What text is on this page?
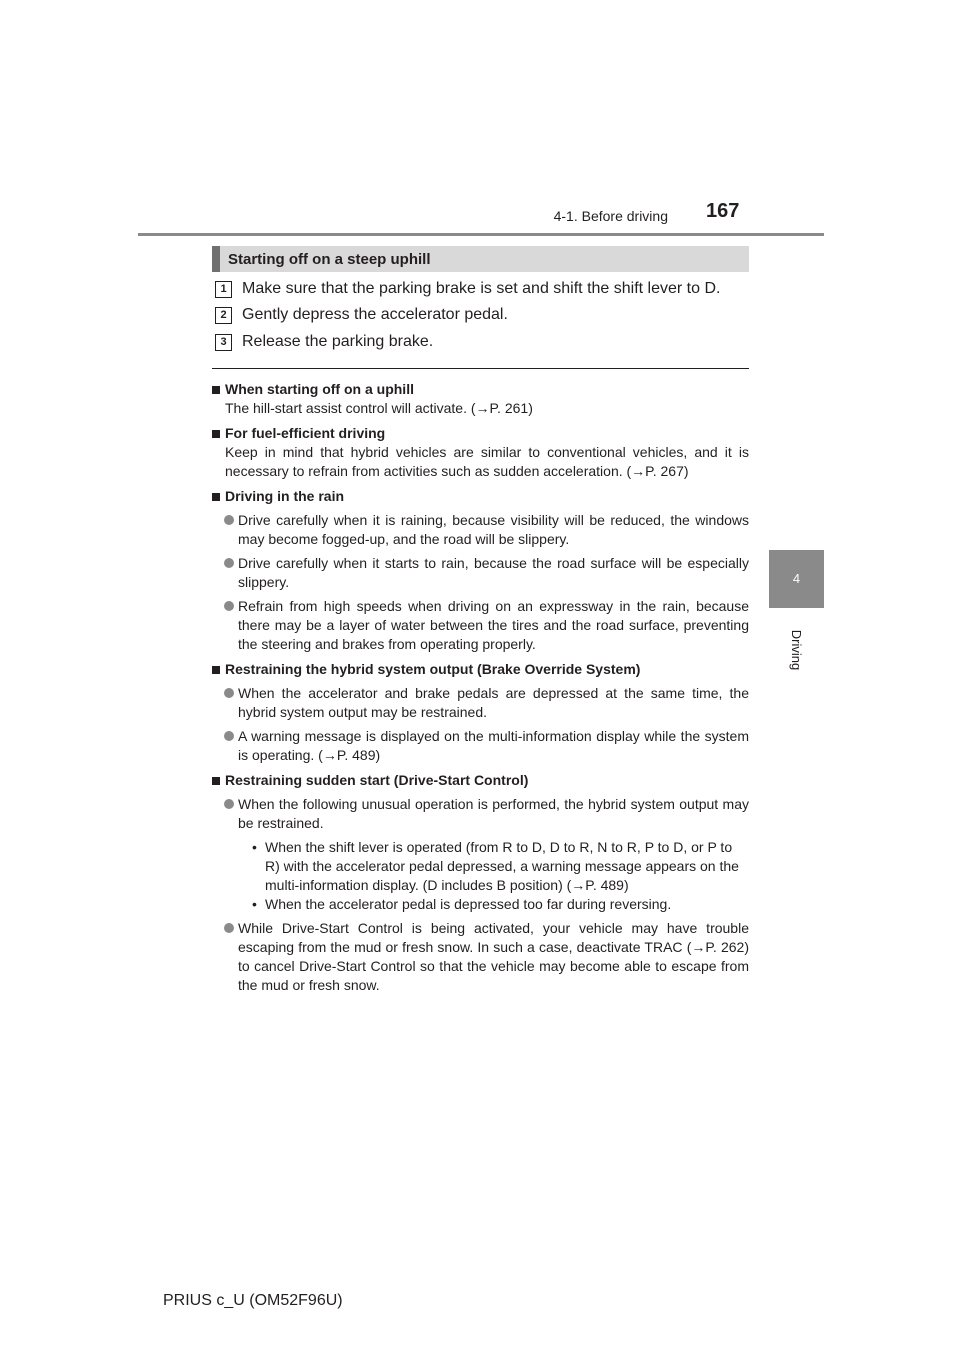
4-1. Before driving 167
4
Driving
Starting off on a steep uphill
1 Make sure that the parking brake is set and shift the shift lever to D.
2 Gently depress the accelerator pedal.
3 Release the parking brake.
When starting off on a uphill
The hill-start assist control will activate. (→P. 261)
For fuel-efficient driving
Keep in mind that hybrid vehicles are similar to conventional vehicles, and it is necessary to refrain from activities such as sudden acceleration. (→P. 267)
Driving in the rain
Drive carefully when it is raining, because visibility will be reduced, the windows may become fogged-up, and the road will be slippery.
Drive carefully when it starts to rain, because the road surface will be especially slippery.
Refrain from high speeds when driving on an expressway in the rain, because there may be a layer of water between the tires and the road surface, preventing the steering and brakes from operating properly.
Restraining the hybrid system output (Brake Override System)
When the accelerator and brake pedals are depressed at the same time, the hybrid system output may be restrained.
A warning message is displayed on the multi-information display while the system is operating. (→P. 489)
Restraining sudden start (Drive-Start Control)
When the following unusual operation is performed, the hybrid system output may be restrained.
• When the shift lever is operated (from R to D, D to R, N to R, P to D, or P to R) with the accelerator pedal depressed, a warning message appears on the multi-information display. (D includes B position) (→P. 489)
• When the accelerator pedal is depressed too far during reversing.
While Drive-Start Control is being activated, your vehicle may have trouble escaping from the mud or fresh snow. In such a case, deactivate TRAC (→P. 262) to cancel Drive-Start Control so that the vehicle may become able to escape from the mud or fresh snow.
PRIUS c_U (OM52F96U)
